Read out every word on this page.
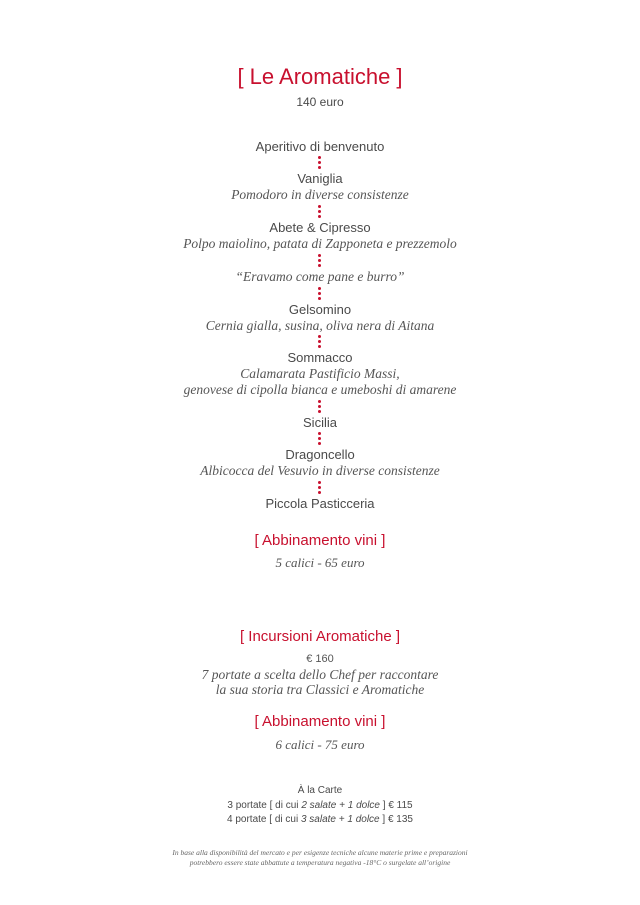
[ Le Aromatiche ]
140 euro
Aperitivo di benvenuto
Vaniglia
Pomodoro in diverse consistenze
Abete & Cipresso
Polpo maiolino, patata di Zapponeta e prezzemolo
“Eravamo come pane e burro”
Gelsomino
Cernia gialla, susina, oliva nera di Aitana
Sommacco
Calamarata Pastificio Massi,
genovese di cipolla bianca e umeboshi di amarene
Sicilia
Dragoncello
Albicocca del Vesuvio in diverse consistenze
Piccola Pasticceria
[ Abbinamento vini ]
5 calici - 65 euro
[ Incursioni Aromatiche ]
€ 160
7 portate a scelta dello Chef per raccontare
la sua storia tra Classici e Aromatiche
[ Abbinamento vini ]
6 calici - 75 euro
À la Carte
3 portate [ di cui 2 salate + 1 dolce ] € 115
4 portate [ di cui 3 salate + 1 dolce ] € 135
In base alla disponibilità del mercato e per esigenze tecniche alcune materie prime e preparazioni
potrebbero essere state abbattute a temperatura negativa -18°C o surgelate all’origine
